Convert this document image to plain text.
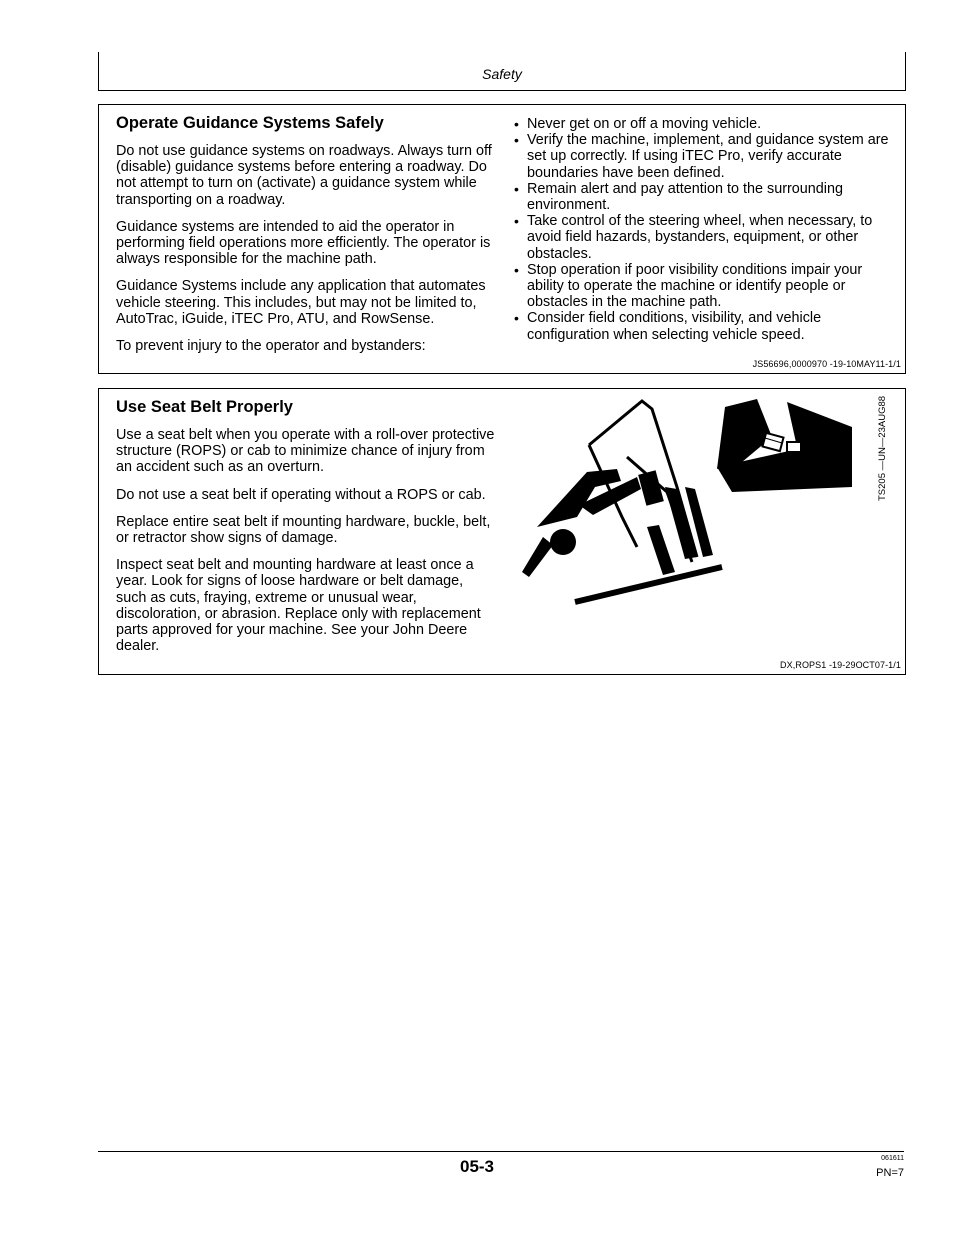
Safety
Operate Guidance Systems Safely

Do not use guidance systems on roadways. Always turn off (disable) guidance systems before entering a roadway. Do not attempt to turn on (activate) a guidance system while transporting on a roadway.

Guidance systems are intended to aid the operator in performing field operations more efficiently. The operator is always responsible for the machine path.

Guidance Systems include any application that automates vehicle steering. This includes, but may not be limited to, AutoTrac, iGuide, iTEC Pro, ATU, and RowSense.

To prevent injury to the operator and bystanders:

• Never get on or off a moving vehicle.
• Verify the machine, implement, and guidance system are set up correctly. If using iTEC Pro, verify accurate boundaries have been defined.
• Remain alert and pay attention to the surrounding environment.
• Take control of the steering wheel, when necessary, to avoid field hazards, bystanders, equipment, or other obstacles.
• Stop operation if poor visibility conditions impair your ability to operate the machine or identify people or obstacles in the machine path.
• Consider field conditions, visibility, and vehicle configuration when selecting vehicle speed.
JS56696,0000970 -19-10MAY11-1/1
Use Seat Belt Properly

Use a seat belt when you operate with a roll-over protective structure (ROPS) or cab to minimize chance of injury from an accident such as an overturn.

Do not use a seat belt if operating without a ROPS or cab.

Replace entire seat belt if mounting hardware, buckle, belt, or retractor show signs of damage.

Inspect seat belt and mounting hardware at least once a year. Look for signs of loose hardware or belt damage, such as cuts, fraying, extreme or unusual wear, discoloration, or abrasion. Replace only with replacement parts approved for your machine. See your John Deere dealer.

TS205 —UN—23AUG88
DX,ROPS1 -19-29OCT07-1/1
05-3	061611
PN=7
